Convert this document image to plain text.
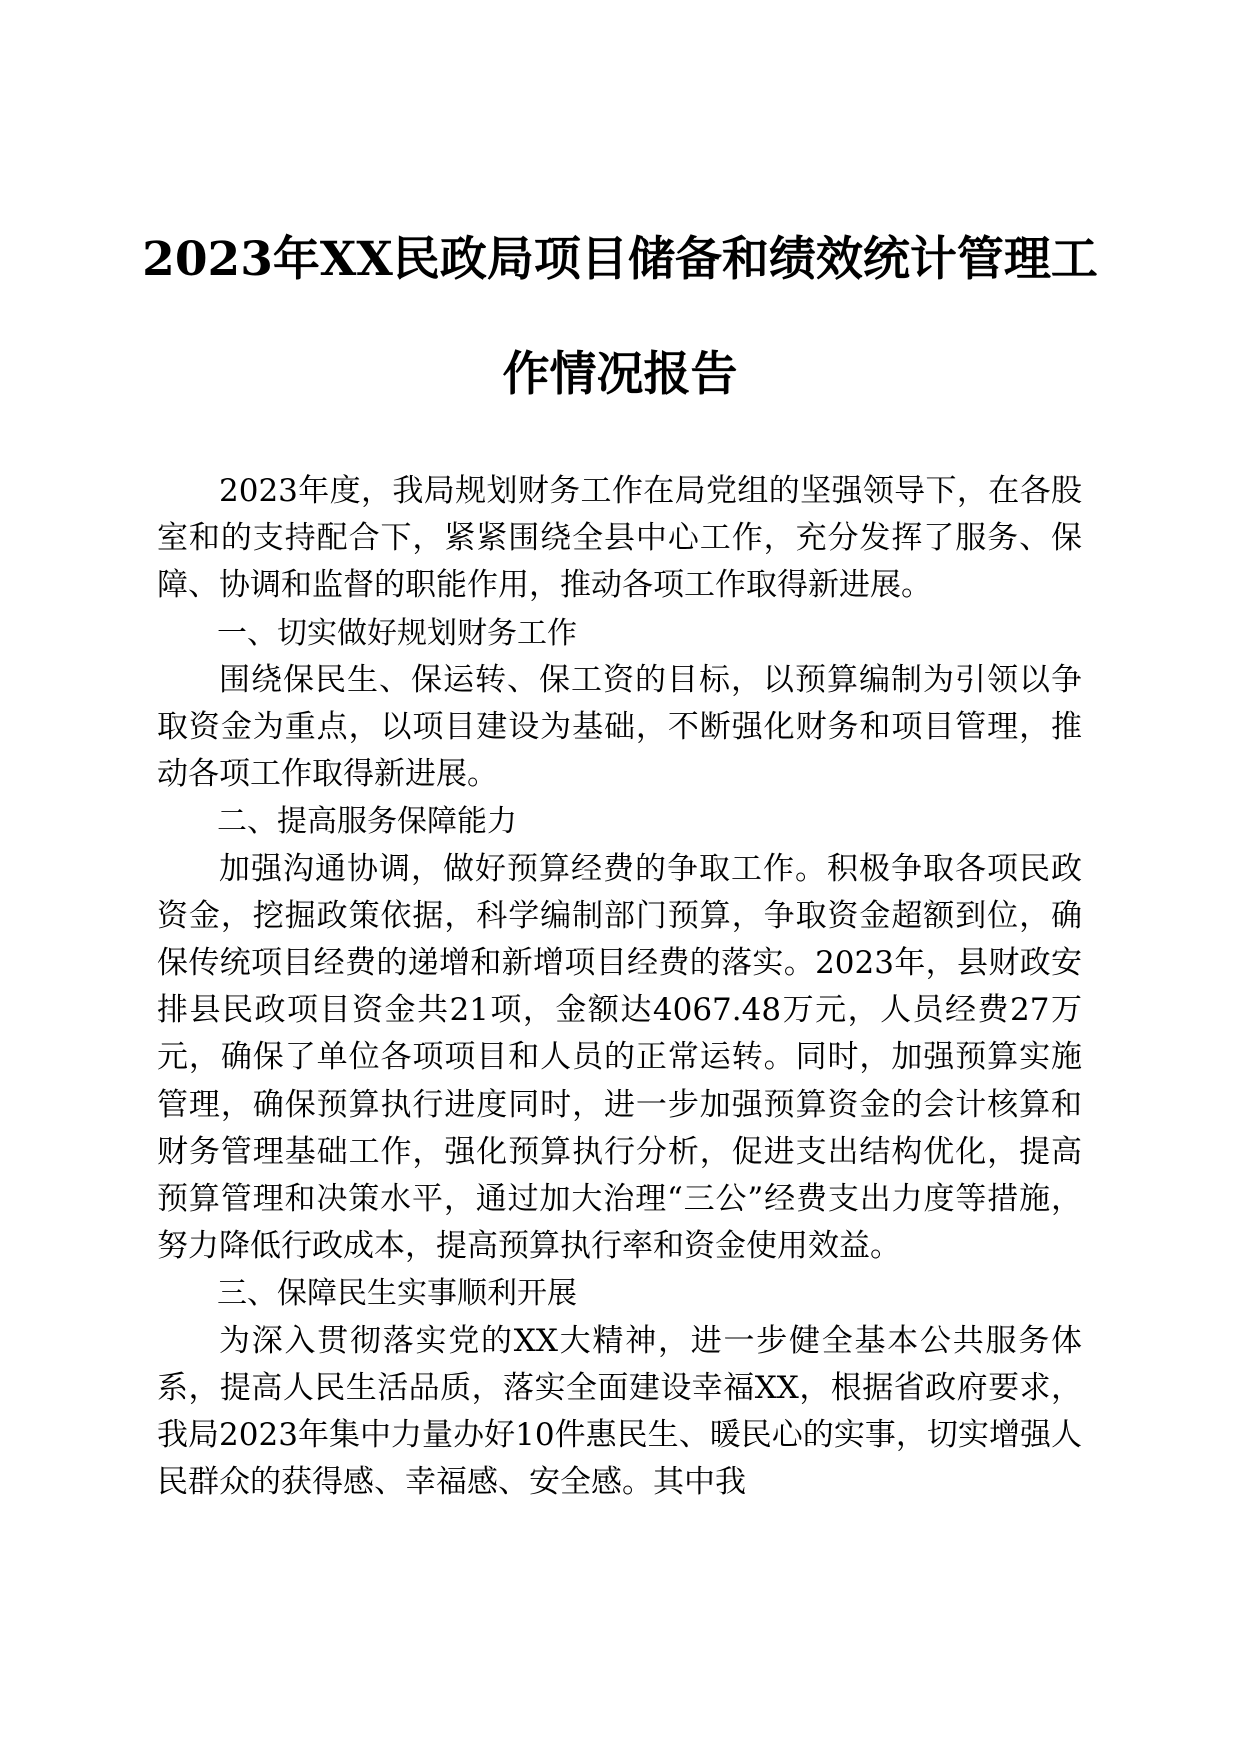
2023年XX民政局项目储备和绩效统计管理工
作情况报告

2023年度，我局规划财务工作在局党组的坚强领导下，在各股室和的支持配合下，紧紧围绕全县中心工作，充分发挥了服务、保障、协调和监督的职能作用，推动各项工作取得新进展。

一、切实做好规划财务工作

围绕保民生、保运转、保工资的目标，以预算编制为引领以争取资金为重点，以项目建设为基础，不断强化财务和项目管理，推动各项工作取得新进展。

二、提高服务保障能力

加强沟通协调，做好预算经费的争取工作。积极争取各项民政资金，挖掘政策依据，科学编制部门预算，争取资金超额到位，确保传统项目经费的递增和新增项目经费的落实。2023年，县财政安排县民政项目资金共21项，金额达4067.48万元，人员经费27万元，确保了单位各项项目和人员的正常运转。同时，加强预算实施管理，确保预算执行进度同时，进一步加强预算资金的会计核算和财务管理基础工作，强化预算执行分析，促进支出结构优化，提高预算管理和决策水平，通过加大治理“三公”经费支出力度等措施，努力降低行政成本，提高预算执行率和资金使用效益。

三、保障民生实事顺利开展

为深入贯彻落实党的XX大精神，进一步健全基本公共服务体系，提高人民生活品质，落实全面建设幸福XX，根据省政府要求，我局2023年集中力量办好10件惠民生、暖民心的实事，切实增强人民群众的获得感、幸福感、安全感。其中我
